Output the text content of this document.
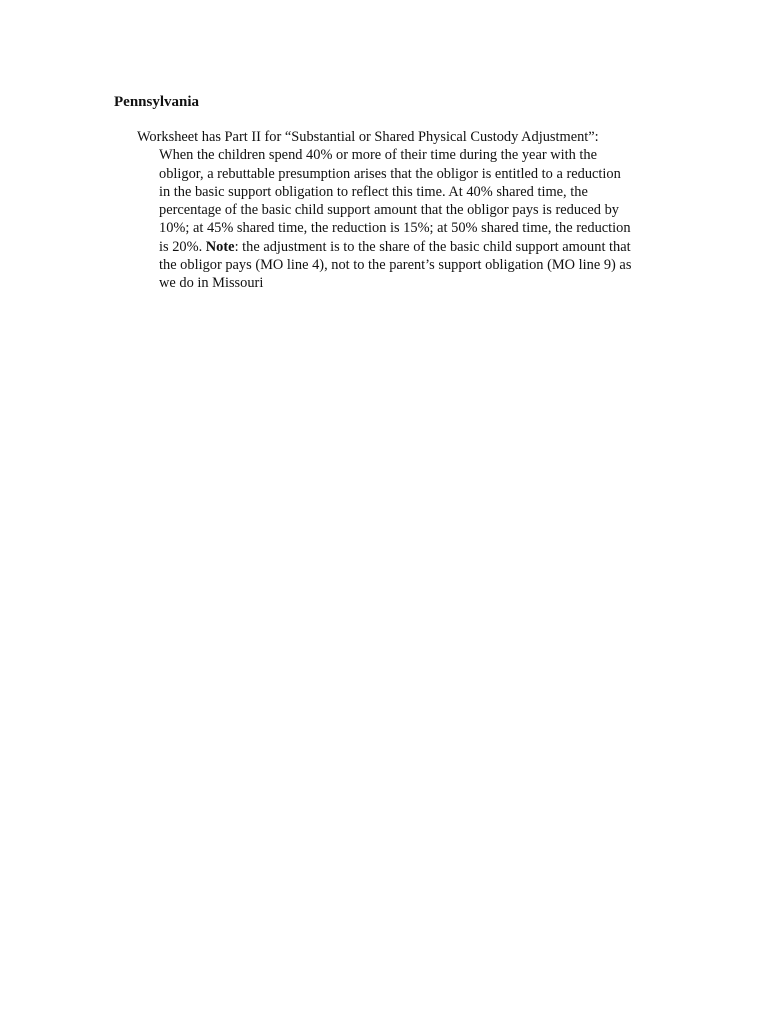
Pennsylvania

Worksheet has Part II for “Substantial or Shared Physical Custody Adjustment”:
When the children spend 40% or more of their time during the year with the
obligor, a rebuttable presumption arises that the obligor is entitled to a reduction
in the basic support obligation to reflect this time. At 40% shared time, the
percentage of the basic child support amount that the obligor pays is reduced by
10%; at 45% shared time, the reduction is 15%; at 50% shared time, the reduction
is 20%. Note: the adjustment is to the share of the basic child support amount that
the obligor pays (MO line 4), not to the parent’s support obligation (MO line 9) as
we do in Missouri
